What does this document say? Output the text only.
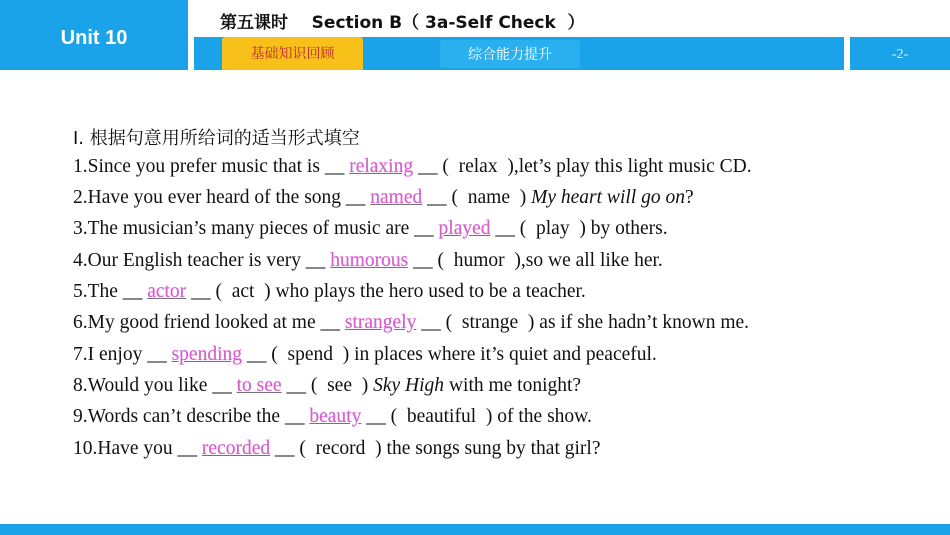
Unit 10
第五课时    Section B（ 3a-Self Check  ）
基础知识回顾	综合能力提升	-2-
Ⅰ. 根据句意用所给词的适当形式填空
1.Since you prefer music that is __ relaxing __ (  relax  ),let’s play this light music CD.
2.Have you ever heard of the song __ named __ (  name  ) My heart will go on?
3.The musician’s many pieces of music are __ played __ (  play  ) by others.
4.Our English teacher is very __ humorous __ (  humor  ),so we all like her.
5.The __ actor __ (  act  ) who plays the hero used to be a teacher.
6.My good friend looked at me __ strangely __ (  strange  ) as if she hadn’t known me.
7.I enjoy __ spending __ (  spend  ) in places where it’s quiet and peaceful.
8.Would you like __ to see __ (  see  ) Sky High with me tonight?
9.Words can’t describe the __ beauty __ (  beautiful  ) of the show.
10.Have you __ recorded __ (  record  ) the songs sung by that girl?
